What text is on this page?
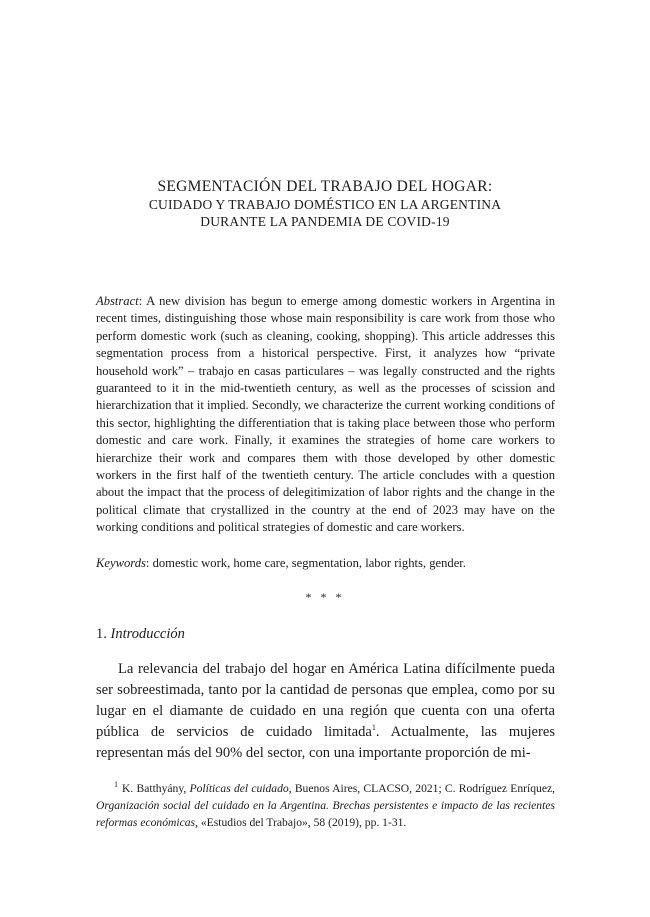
SEGMENTACIÓN DEL TRABAJO DEL HOGAR:

CUIDADO Y TRABAJO DOMÉSTICO EN LA ARGENTINA

DURANTE LA PANDEMIA DE COVID-19

Abstract: A new division has begun to emerge among domestic workers in Argentina in recent times, distinguishing those whose main responsibility is care work from those who perform domestic work (such as cleaning, cooking, shopping). This article addresses this segmentation process from a historical perspective. First, it analyzes how “private household work” – trabajo en casas particulares – was legally constructed and the rights guaranteed to it in the mid-twentieth century, as well as the processes of scission and hierarchization that it implied. Secondly, we characterize the current working conditions of this sector, highlighting the differentiation that is taking place between those who perform domestic and care work. Finally, it examines the strategies of home care workers to hierarchize their work and compares them with those developed by other domestic workers in the first half of the twentieth century. The article concludes with a question about the impact that the process of delegitimization of labor rights and the change in the political climate that crystallized in the country at the end of 2023 may have on the working conditions and political strategies of domestic and care workers.

Keywords: domestic work, home care, segmentation, labor rights, gender.

* * *

1. Introducción

La relevancia del trabajo del hogar en América Latina difícilmente pueda ser sobreestimada, tanto por la cantidad de personas que emplea, como por su lugar en el diamante de cuidado en una región que cuenta con una oferta pública de servicios de cuidado limitada$^1$. Actualmente, las mujeres representan más del 90% del sector, con una importante proporción de mi-

$^1$ K. Batthyány, Políticas del cuidado, Buenos Aires, CLACSO, 2021; C. Rodríguez Enríquez, Organización social del cuidado en la Argentina. Brechas persistentes e impacto de las recientes reformas económicas, «Estudios del Trabajo», 58 (2019), pp. 1-31.
